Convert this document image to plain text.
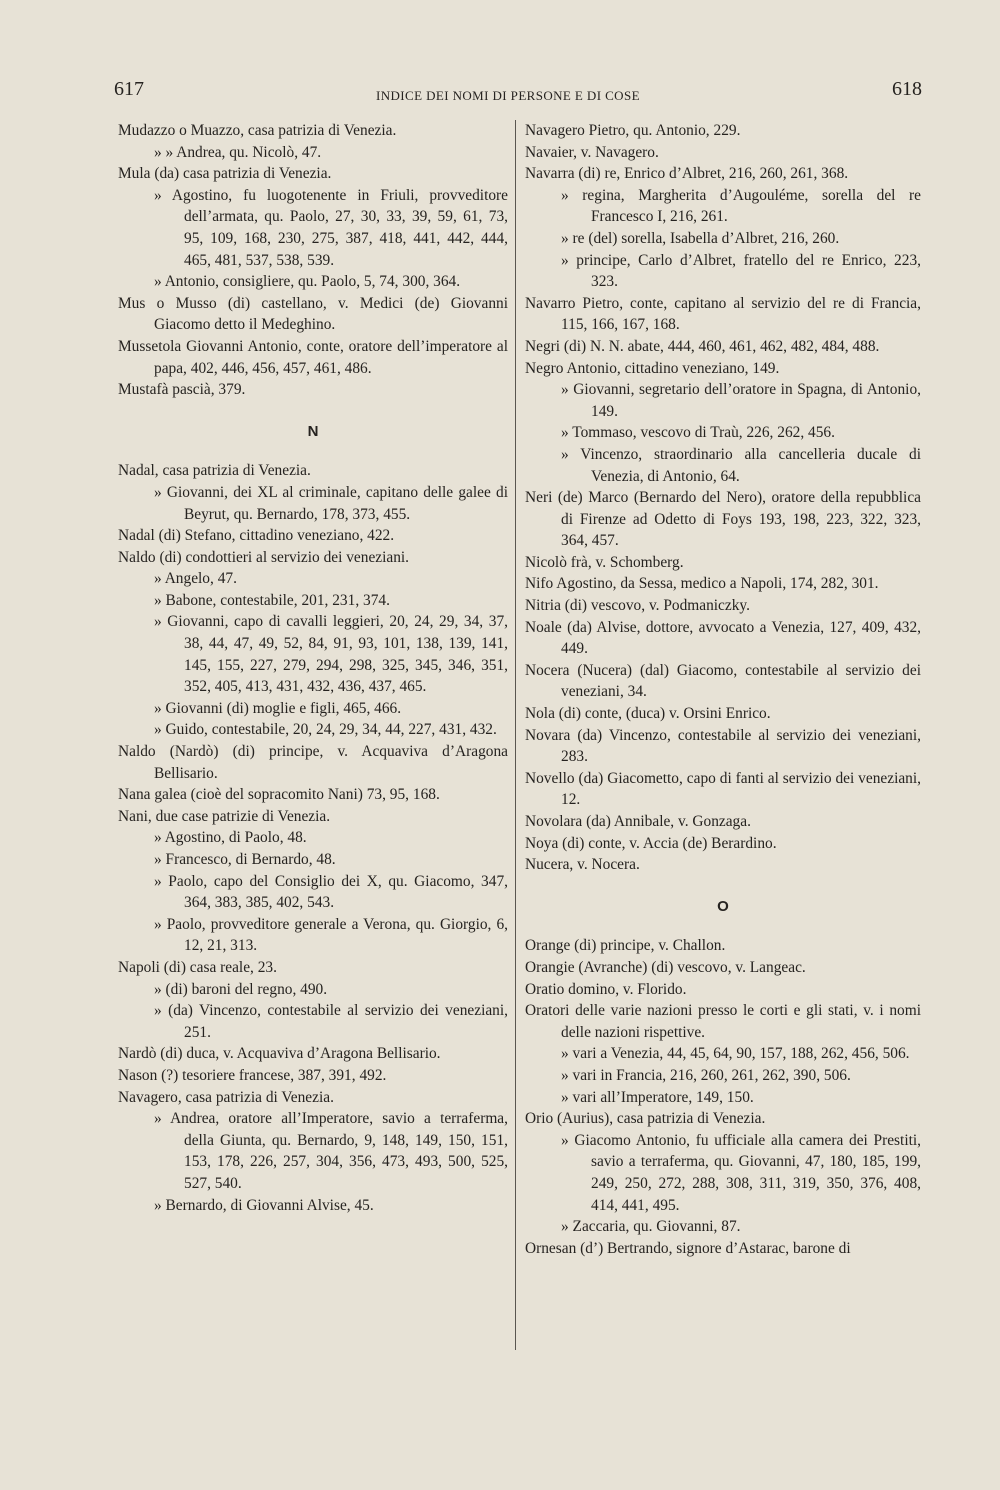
617	INDICE DEI NOMI DI PERSONE E DI COSE	618
Mudazzo o Muazzo, casa patrizia di Venezia.
» » Andrea, qu. Nicolò, 47.
Mula (da) casa patrizia di Venezia.
» Agostino, fu luogotenente in Friuli, provveditore dell’armata, qu. Paolo, 27, 30, 33, 39, 59, 61, 73, 95, 109, 168, 230, 275, 387, 418, 441, 442, 444, 465, 481, 537, 538, 539.
» Antonio, consigliere, qu. Paolo, 5, 74, 300, 364.
Mus o Musso (di) castellano, v. Medici (de) Giovanni Giacomo detto il Medeghino.
Mussetola Giovanni Antonio, conte, oratore dell’imperatore al papa, 402, 446, 456, 457, 461, 486.
Mustafà pascià, 379.
N
Nadal, casa patrizia di Venezia.
» Giovanni, dei XL al criminale, capitano delle galee di Beyrut, qu. Bernardo, 178, 373, 455.
Nadal (di) Stefano, cittadino veneziano, 422.
Naldo (di) condottieri al servizio dei veneziani.
» Angelo, 47.
» Babone, contestabile, 201, 231, 374.
» Giovanni, capo di cavalli leggieri, 20, 24, 29, 34, 37, 38, 44, 47, 49, 52, 84, 91, 93, 101, 138, 139, 141, 145, 155, 227, 279, 294, 298, 325, 345, 346, 351, 352, 405, 413, 431, 432, 436, 437, 465.
» Giovanni (di) moglie e figli, 465, 466.
» Guido, contestabile, 20, 24, 29, 34, 44, 227, 431, 432.
Naldo (Nardò) (di) principe, v. Acquaviva d’Aragona Bellisario.
Nana galea (cioè del sopracomito Nani) 73, 95, 168.
Nani, due case patrizie di Venezia.
» Agostino, di Paolo, 48.
» Francesco, di Bernardo, 48.
» Paolo, capo del Consiglio dei X, qu. Giacomo, 347, 364, 383, 385, 402, 543.
» Paolo, provveditore generale a Verona, qu. Giorgio, 6, 12, 21, 313.
Napoli (di) casa reale, 23.
» (di) baroni del regno, 490.
» (da) Vincenzo, contestabile al servizio dei veneziani, 251.
Nardò (di) duca, v. Acquaviva d’Aragona Bellisario.
Nason (?) tesoriere francese, 387, 391, 492.
Navagero, casa patrizia di Venezia.
» Andrea, oratore all’Imperatore, savio a terraferma, della Giunta, qu. Bernardo, 9, 148, 149, 150, 151, 153, 178, 226, 257, 304, 356, 473, 493, 500, 525, 527, 540.
» Bernardo, di Giovanni Alvise, 45.
Navagero Pietro, qu. Antonio, 229.
Navaier, v. Navagero.
Navarra (di) re, Enrico d’Albret, 216, 260, 261, 368.
» regina, Margherita d’Augouléme, sorella del re Francesco I, 216, 261.
» re (del) sorella, Isabella d’Albret, 216, 260.
» principe, Carlo d’Albret, fratello del re Enrico, 223, 323.
Navarro Pietro, conte, capitano al servizio del re di Francia, 115, 166, 167, 168.
Negri (di) N. N. abate, 444, 460, 461, 462, 482, 484, 488.
Negro Antonio, cittadino veneziano, 149.
» Giovanni, segretario dell’oratore in Spagna, di Antonio, 149.
» Tommaso, vescovo di Traù, 226, 262, 456.
» Vincenzo, straordinario alla cancelleria ducale di Venezia, di Antonio, 64.
Neri (de) Marco (Bernardo del Nero), oratore della repubblica di Firenze ad Odetto di Foys 193, 198, 223, 322, 323, 364, 457.
Nicolò frà, v. Schomberg.
Nifo Agostino, da Sessa, medico a Napoli, 174, 282, 301.
Nitria (di) vescovo, v. Podmaniczky.
Noale (da) Alvise, dottore, avvocato a Venezia, 127, 409, 432, 449.
Nocera (Nucera) (dal) Giacomo, contestabile al servizio dei veneziani, 34.
Nola (di) conte, (duca) v. Orsini Enrico.
Novara (da) Vincenzo, contestabile al servizio dei veneziani, 283.
Novello (da) Giacometto, capo di fanti al servizio dei veneziani, 12.
Novolara (da) Annibale, v. Gonzaga.
Noya (di) conte, v. Accia (de) Berardino.
Nucera, v. Nocera.
O
Orange (di) principe, v. Challon.
Orangie (Avranche) (di) vescovo, v. Langeac.
Oratio domino, v. Florido.
Oratori delle varie nazioni presso le corti e gli stati, v. i nomi delle nazioni rispettive.
» vari a Venezia, 44, 45, 64, 90, 157, 188, 262, 456, 506.
» vari in Francia, 216, 260, 261, 262, 390, 506.
» vari all’Imperatore, 149, 150.
Orio (Aurius), casa patrizia di Venezia.
» Giacomo Antonio, fu ufficiale alla camera dei Prestiti, savio a terraferma, qu. Giovanni, 47, 180, 185, 199, 249, 250, 272, 288, 308, 311, 319, 350, 376, 408, 414, 441, 495.
» Zaccaria, qu. Giovanni, 87.
Ornesan (d’) Bertrando, signore d’Astarac, barone di
